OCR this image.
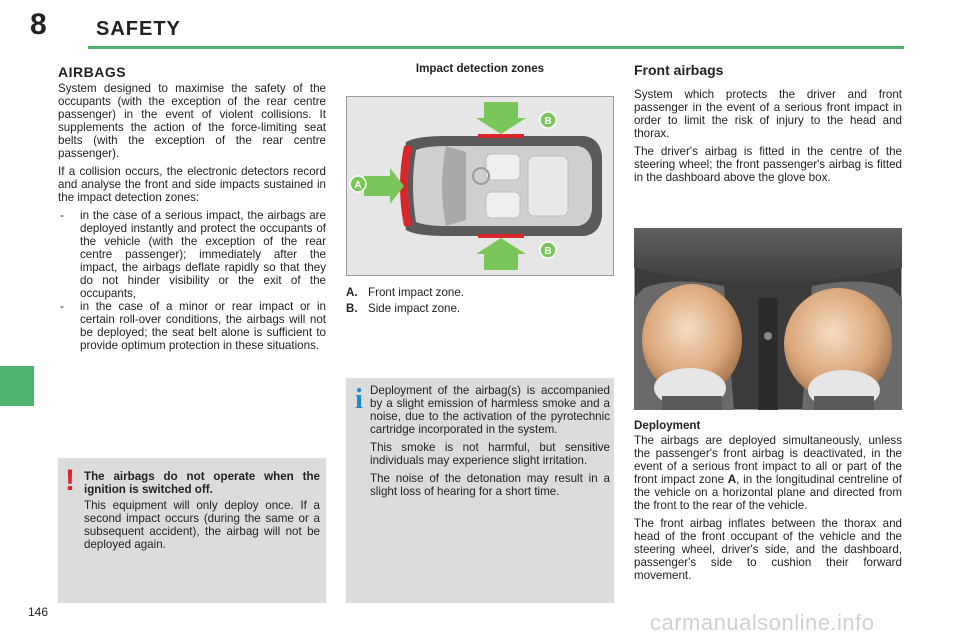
8 SAFETY
AIRBAGS

System designed to maximise the safety of the occupants (with the exception of the rear centre passenger) in the event of violent collisions. It supplements the action of the force-limiting seat belts (with the exception of the rear centre passenger).

If a collision occurs, the electronic detectors record and analyse the front and side impacts sustained in the impact detection zones:

- in the case of a serious impact, the airbags are deployed instantly and protect the occupants of the vehicle (with the exception of the rear centre passenger); immediately after the impact, the airbags deflate rapidly so that they do not hinder visibility or the exit of the occupants,
- in the case of a minor or rear impact or in certain roll-over conditions, the airbags will not be deployed; the seat belt alone is sufficient to provide optimum protection in these situations.
! The airbags do not operate when the ignition is switched off.
This equipment will only deploy once. If a second impact occurs (during the same or a subsequent accident), the airbag will not be deployed again.
Impact detection zones
A
B
B
A. Front impact zone.
B. Side impact zone.
i Deployment of the airbag(s) is accompanied by a slight emission of harmless smoke and a noise, due to the activation of the pyrotechnic cartridge incorporated in the system.

This smoke is not harmful, but sensitive individuals may experience slight irritation.

The noise of the detonation may result in a slight loss of hearing for a short time.

Front airbags

System which protects the driver and front passenger in the event of a serious front impact in order to limit the risk of injury to the head and thorax.

The driver's airbag is fitted in the centre of the steering wheel; the front passenger's airbag is fitted in the dashboard above the glove box.

Deployment

The airbags are deployed simultaneously, unless the passenger's front airbag is deactivated, in the event of a serious front impact to all or part of the front impact zone A, in the longitudinal centreline of the vehicle on a horizontal plane and directed from the front to the rear of the vehicle.

The front airbag inflates between the thorax and head of the front occupant of the vehicle and the steering wheel, driver's side, and the dashboard, passenger's side to cushion their forward movement.

146	carmanualsonline.info
